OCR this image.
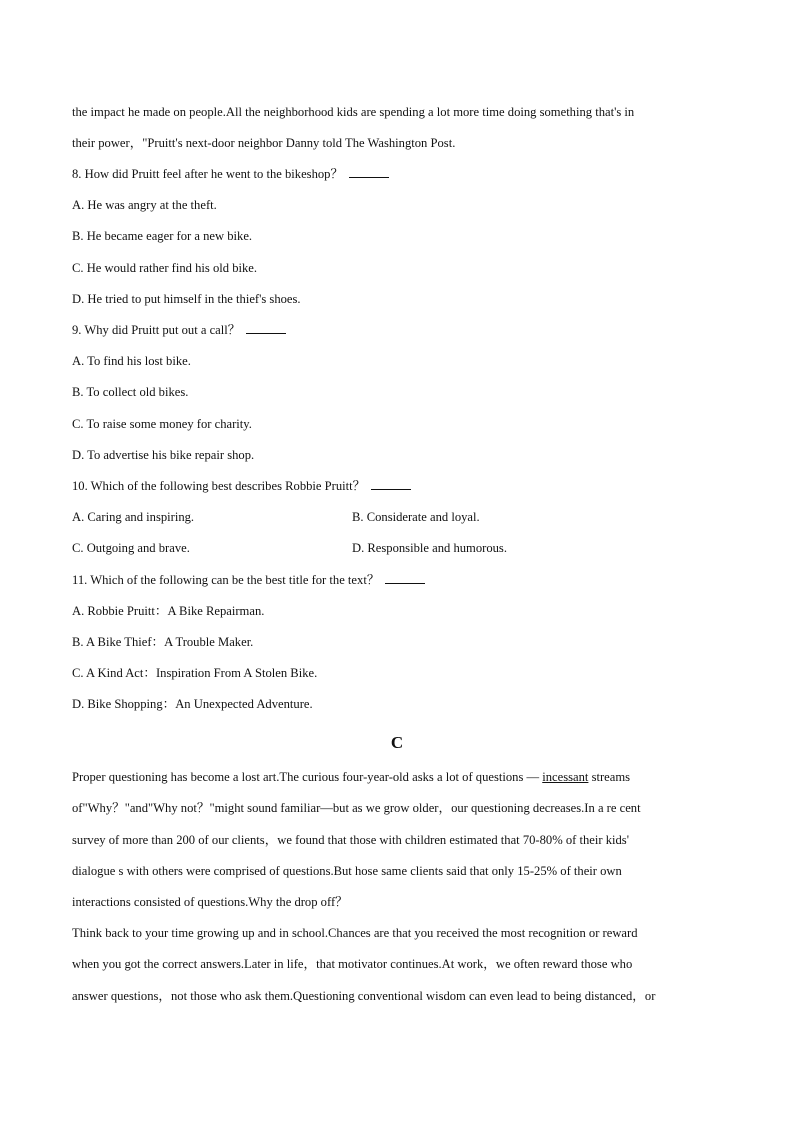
the impact he made on people.All the neighborhood kids are spending a lot more time doing something that's in
their power，"Pruitt's next-door neighbor Danny told The Washington Post.
8. How did Pruitt feel after he went to the bikeshop？
A. He was angry at the theft.
B. He became eager for a new bike.
C. He would rather find his old bike.
D. He tried to put himself in the thief's shoes.
9. Why did Pruitt put out a call？
A. To find his lost bike.
B. To collect old bikes.
C. To raise some money for charity.
D. To advertise his bike repair shop.
10. Which of the following best describes Robbie Pruitt？
A. Caring and inspiring.	B. Considerate and loyal.
C. Outgoing and brave.	D. Responsible and humorous.
11. Which of the following can be the best title for the text？
A. Robbie Pruitt：A Bike Repairman.
B. A Bike Thief：A Trouble Maker.
C. A Kind Act：Inspiration From A Stolen Bike.
D. Bike Shopping：An Unexpected Adventure.
C
Proper questioning has become a lost art.The curious four-year-old asks a lot of questions — incessant streams
of"Why？"and"Why not？"might sound familiar—but as we grow older，our questioning decreases.In a re cent
survey of more than 200 of our clients，we found that those with children estimated that 70-80% of their kids'
dialogue s with others were comprised of questions.But hose same clients said that only 15-25% of their own
interactions consisted of questions.Why the drop off？
Think back to your time growing up and in school.Chances are that you received the most recognition or reward
when you got the correct answers.Later in life，that motivator continues.At work，we often reward those who
answer questions，not those who ask them.Questioning conventional wisdom can even lead to being distanced，or
